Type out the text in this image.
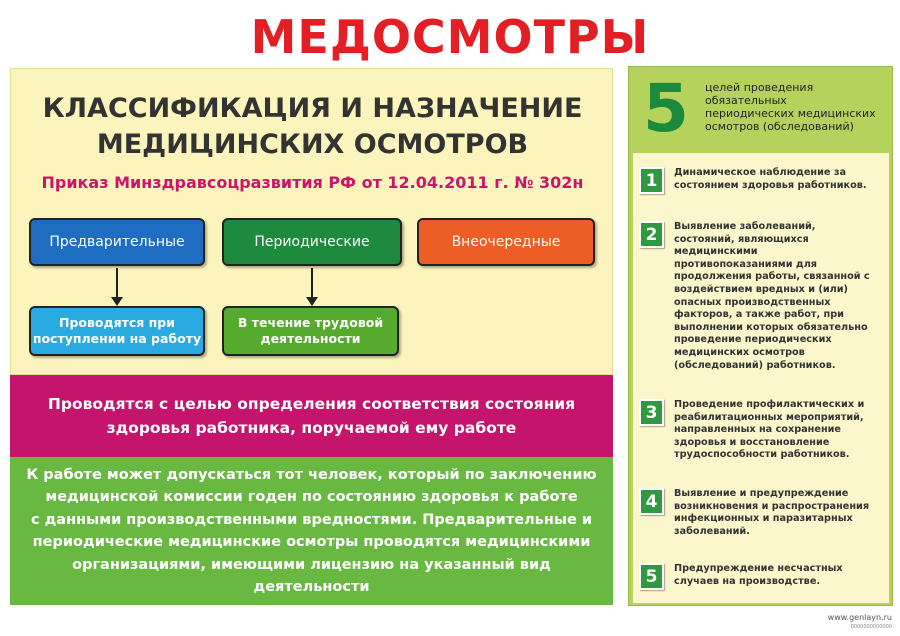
МЕДОСМОТРЫ
КЛАССИФИКАЦИЯ И НАЗНАЧЕНИЕ
МЕДИЦИНСКИХ ОСМОТРОВ
Приказ Минздравсоцразвития РФ от 12.04.2011 г. № 302н
Предварительные	Периодические	Внеочередные
Проводятся при
поступлении на работу
В течение трудовой
деятельности
Проводятся с целью определения соответствия состояния
здоровья работника, поручаемой ему работе
К работе может допускаться тот человек, который по заключению
медицинской комиссии годен по состоянию здоровья к работе
с данными производственными вредностями. Предварительные и
периодические медицинские осмотры проводятся медицинскими
организациями, имеющими лицензию на указанный вид деятельности
5 целей проведения
обязательных
периодических медицинских
осмотров (обследований)
1	Динамическое наблюдение за
состоянием здоровья работников.
2	Выявление заболеваний,
состояний, являющихся
медицинскими
противопоказаниями для
продолжения работы, связанной с
воздействием вредных и (или)
опасных производственных
факторов, а также работ, при
выполнении которых обязательно
проведение периодических
медицинских осмотров
(обследований) работников.
3	Проведение профилактических и
реабилитационных мероприятий,
направленных на сохранение
здоровья и восстановление
трудоспособности работников.
4	Выявление и предупреждение
возникновения и распространения
инфекционных и паразитарных
заболеваний.
5	Предупреждение несчастных
случаев на производстве.
www.genlayn.ru
0000000000000
